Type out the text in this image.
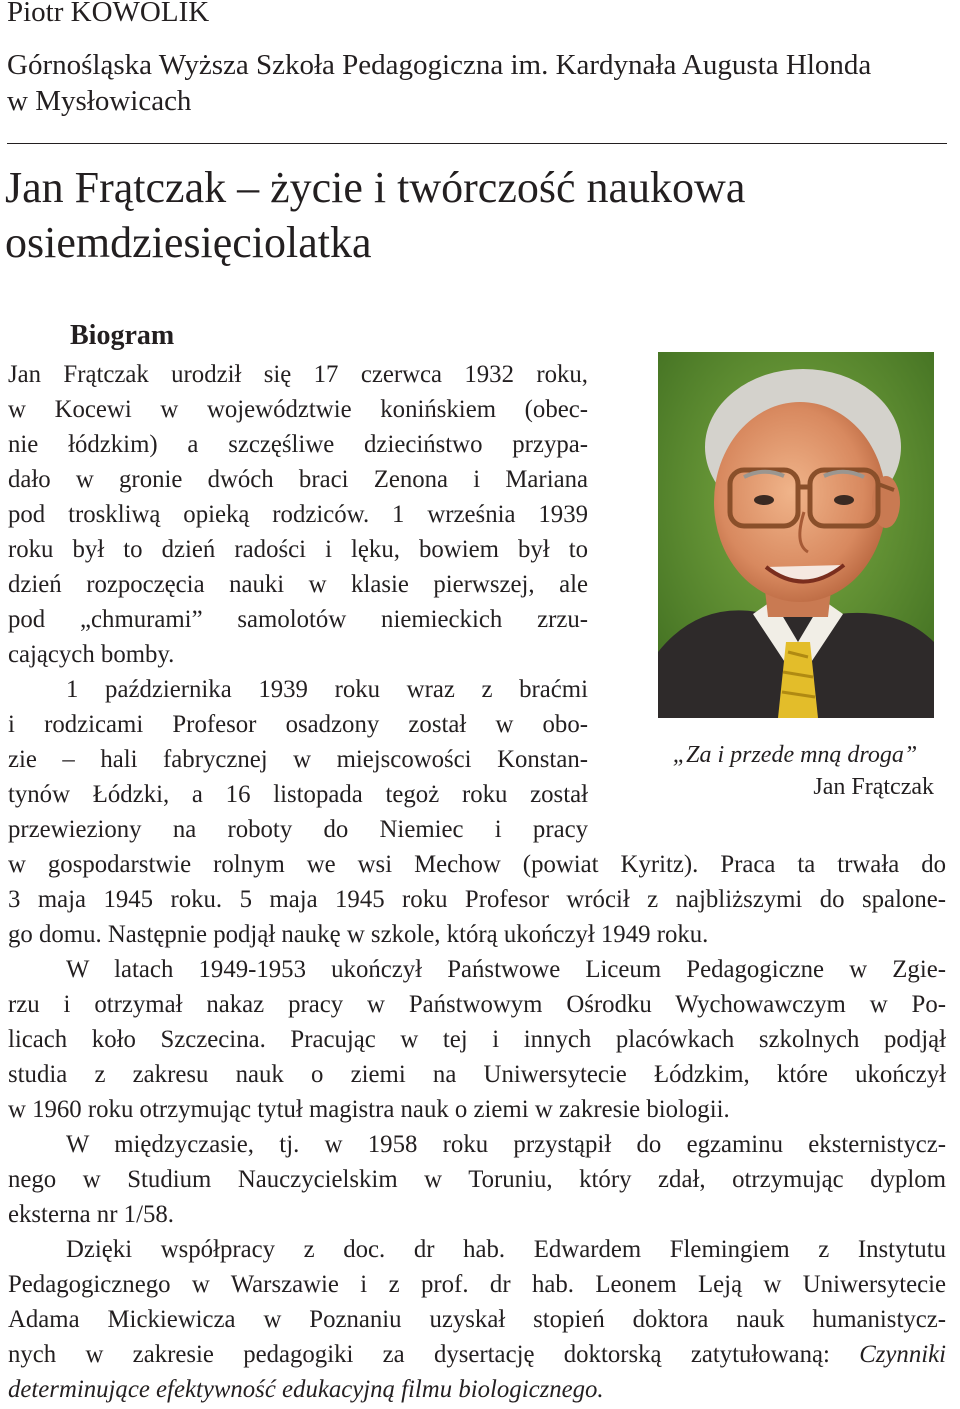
Piotr KOWOLIK
Górnośląska Wyższa Szkoła Pedagogiczna im. Kardynała Augusta Hlonda
w Mysłowicach
Jan Frątczak – życie i twórczość naukowa
osiemdziesięciolatka
Biogram
Jan Frątczak urodził się 17 czerwca 1932 roku,
w Kocewi w województwie konińskiem (obec-
nie łódzkim) a szczęśliwe dzieciństwo przypa-
dało w gronie dwóch braci Zenona i Mariana
pod troskliwą opieką rodziców. 1 września 1939
roku był to dzień radości i lęku, bowiem był to
dzień rozpoczęcia nauki w klasie pierwszej, ale
pod „chmurami” samolotów niemieckich zrzu-
cających bomby.
1 października 1939 roku wraz z braćmi
i rodzicami Profesor osadzony został w obo-
zie – hali fabrycznej w miejscowości Konstan-
tynów Łódzki, a 16 listopada tegoż roku został
przewieziony na roboty do Niemiec i pracy
w gospodarstwie rolnym we wsi Mechow (powiat Kyritz). Praca ta trwała do
3 maja 1945 roku. 5 maja 1945 roku Profesor wrócił z najbliższymi do spalone-
go domu. Następnie podjął naukę w szkole, którą ukończył 1949 roku.
W latach 1949-1953 ukończył Państwowe Liceum Pedagogiczne w Zgie-
rzu i otrzymał nakaz pracy w Państwowym Ośrodku Wychowawczym w Po-
licach koło Szczecina. Pracując w tej i innych placówkach szkolnych podjął
studia z zakresu nauk o ziemi na Uniwersytecie Łódzkim, które ukończył
w 1960 roku otrzymując tytuł magistra nauk o ziemi w zakresie biologii.
W międzyczasie, tj. w 1958 roku przystąpił do egzaminu eksternistycz-
nego w Studium Nauczycielskim w Toruniu, który zdał, otrzymując dyplom
eksterna nr 1/58.
Dzięki współpracy z doc. dr hab. Edwardem Flemingiem z Instytutu
Pedagogicznego w Warszawie i z prof. dr hab. Leonem Leją w Uniwersytecie
Adama Mickiewicza w Poznaniu uzyskał stopień doktora nauk humanistycz-
nych w zakresie pedagogiki za dysertację doktorską zatytułowaną: Czynniki
determinujące efektywność edukacyjną filmu biologicznego.
„Za i przede mną droga”
Jan Frątczak
